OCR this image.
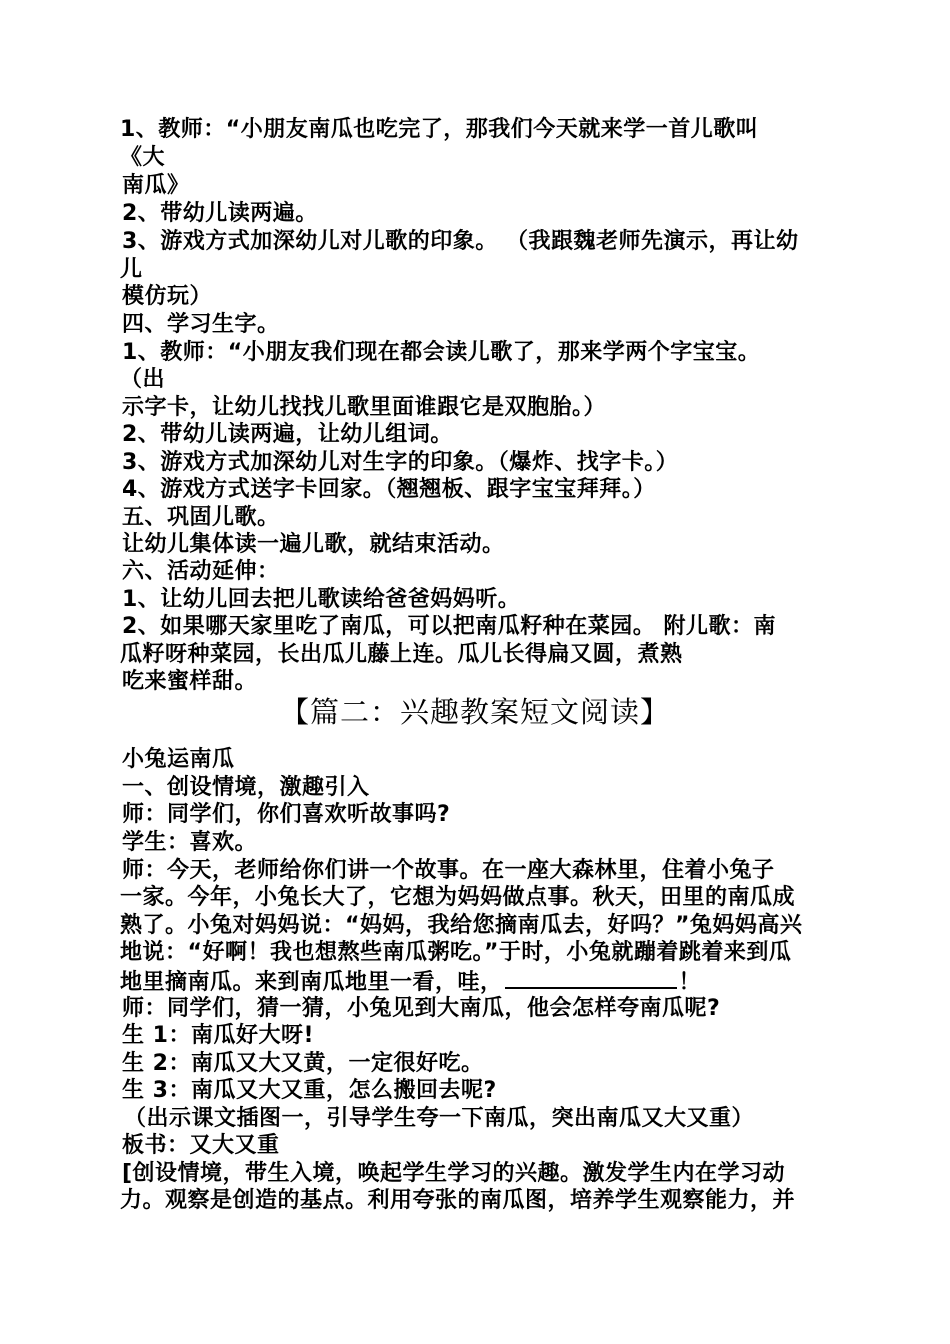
1、教师：“小朋友南瓜也吃完了，那我们今天就来学一首儿歌叫
《大
南瓜》
2、带幼儿读两遍。
3、游戏方式加深幼儿对儿歌的印象。 （我跟魏老师先演示，再让幼
儿
模仿玩）
四、学习生字。
1、教师：“小朋友我们现在都会读儿歌了，那来学两个字宝宝。
（出
示字卡，让幼儿找找儿歌里面谁跟它是双胞胎。）
2、带幼儿读两遍，让幼儿组词。
3、游戏方式加深幼儿对生字的印象。（爆炸、找字卡。）
4、游戏方式送字卡回家。（翘翘板、跟字宝宝拜拜。）
五、巩固儿歌。
让幼儿集体读一遍儿歌，就结束活动。
六、活动延伸：
1、让幼儿回去把儿歌读给爸爸妈妈听。
2、如果哪天家里吃了南瓜，可以把南瓜籽种在菜园。 附儿歌：南
瓜籽呀种菜园，长出瓜儿藤上连。瓜儿长得扁又圆，煮熟
吃来蜜样甜。
【篇二：兴趣教案短文阅读】
小兔运南瓜
一、创设情境，激趣引入
师：同学们，你们喜欢听故事吗?
学生：喜欢。
师：今天，老师给你们讲一个故事。在一座大森林里，住着小兔子
一家。今年，小兔长大了，它想为妈妈做点事。秋天，田里的南瓜成
熟了。小兔对妈妈说：“妈妈，我给您摘南瓜去，好吗？”兔妈妈高兴
地说：“好啊！我也想熬些南瓜粥吃。”于时，小兔就蹦着跳着来到瓜
地里摘南瓜。来到南瓜地里一看，哇，	！
师：同学们，猜一猜，小兔见到大南瓜，他会怎样夸南瓜呢?
生 1：南瓜好大呀!
生 2：南瓜又大又黄，一定很好吃。
生 3：南瓜又大又重，怎么搬回去呢?
（出示课文插图一，引导学生夸一下南瓜，突出南瓜又大又重）
板书：又大又重
[创设情境，带生入境，唤起学生学习的兴趣。激发学生内在学习动
力。观察是创造的基点。利用夸张的南瓜图，培养学生观察能力，并
